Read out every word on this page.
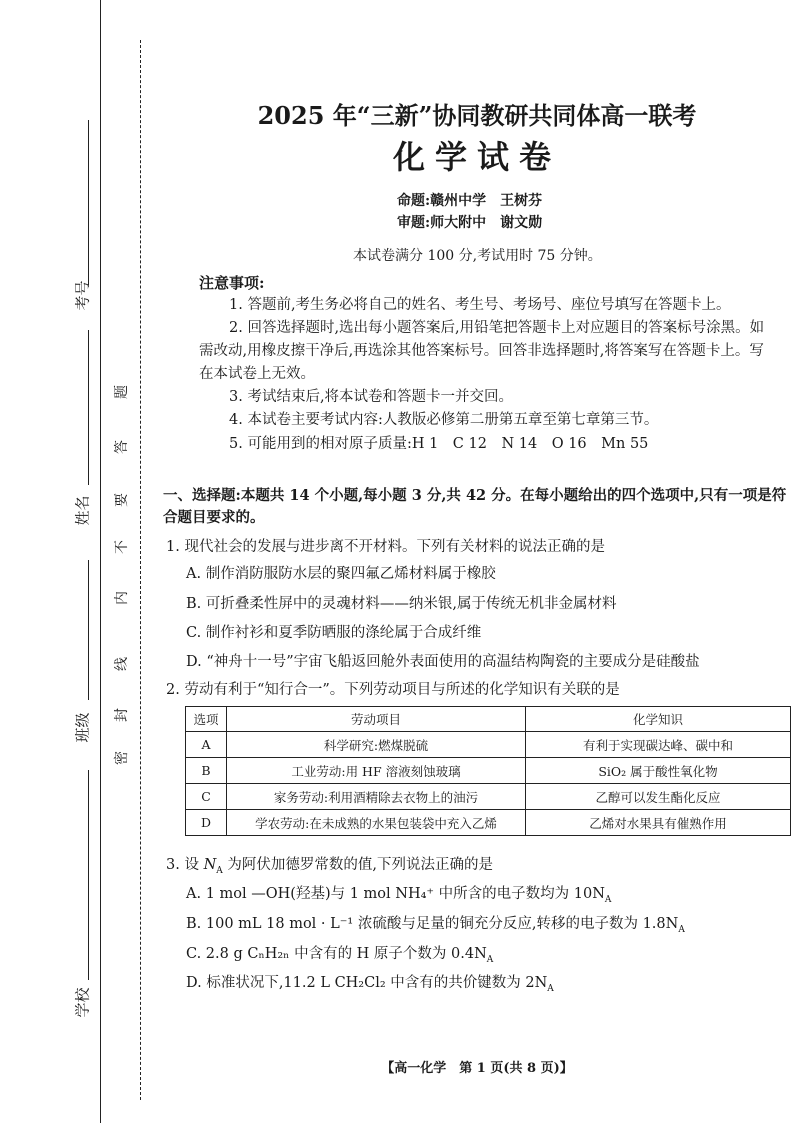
考号
姓名
班级
学校
密
封
线
内
不
要
答
题
2025 年“三新”协同教研共同体高一联考
化学试卷
命题:赣州中学　王树芬
审题:师大附中　谢文勋
本试卷满分 100 分,考试用时 75 分钟。
注意事项:
1. 答题前,考生务必将自己的姓名、考生号、考场号、座位号填写在答题卡上。
2. 回答选择题时,选出每小题答案后,用铅笔把答题卡上对应题目的答案标号涂黑。如需改动,用橡皮擦干净后,再选涂其他答案标号。回答非选择题时,将答案写在答题卡上。写在本试卷上无效。
3. 考试结束后,将本试卷和答题卡一并交回。
4. 本试卷主要考试内容:人教版必修第二册第五章至第七章第三节。
5. 可能用到的相对原子质量:H 1　C 12　N 14　O 16　Mn 55
一、选择题:本题共 14 个小题,每小题 3 分,共 42 分。在每小题给出的四个选项中,只有一项是符合题目要求的。
1. 现代社会的发展与进步离不开材料。下列有关材料的说法正确的是
A. 制作消防服防水层的聚四氟乙烯材料属于橡胶
B. 可折叠柔性屏中的灵魂材料——纳米银,属于传统无机非金属材料
C. 制作衬衫和夏季防晒服的涤纶属于合成纤维
D. “神舟十一号”宇宙飞船返回舱外表面使用的高温结构陶瓷的主要成分是硅酸盐
2. 劳动有利于“知行合一”。下列劳动项目与所述的化学知识有关联的是
选项	劳动项目	化学知识
A	科学研究:燃煤脱硫	有利于实现碳达峰、碳中和
B	工业劳动:用 HF 溶液刻蚀玻璃	SiO₂ 属于酸性氧化物
C	家务劳动:利用酒精除去衣物上的油污	乙醇可以发生酯化反应
D	学农劳动:在未成熟的水果包装袋中充入乙烯	乙烯对水果具有催熟作用
3. 设 $N_A$ 为阿伏加德罗常数的值,下列说法正确的是
A. 1 mol —OH(羟基)与 1 mol NH₄⁺ 中所含的电子数均为 $10N_A$
B. 100 mL 18 mol · L⁻¹ 浓硫酸与足量的铜充分反应,转移的电子数为 $1.8N_A$
C. 2.8 g CₙH₂ₙ 中含有的 H 原子个数为 $0.4N_A$
D. 标准状况下,11.2 L CH₂Cl₂ 中含有的共价键数为 $2N_A$
【高一化学　第 1 页(共 8 页)】
